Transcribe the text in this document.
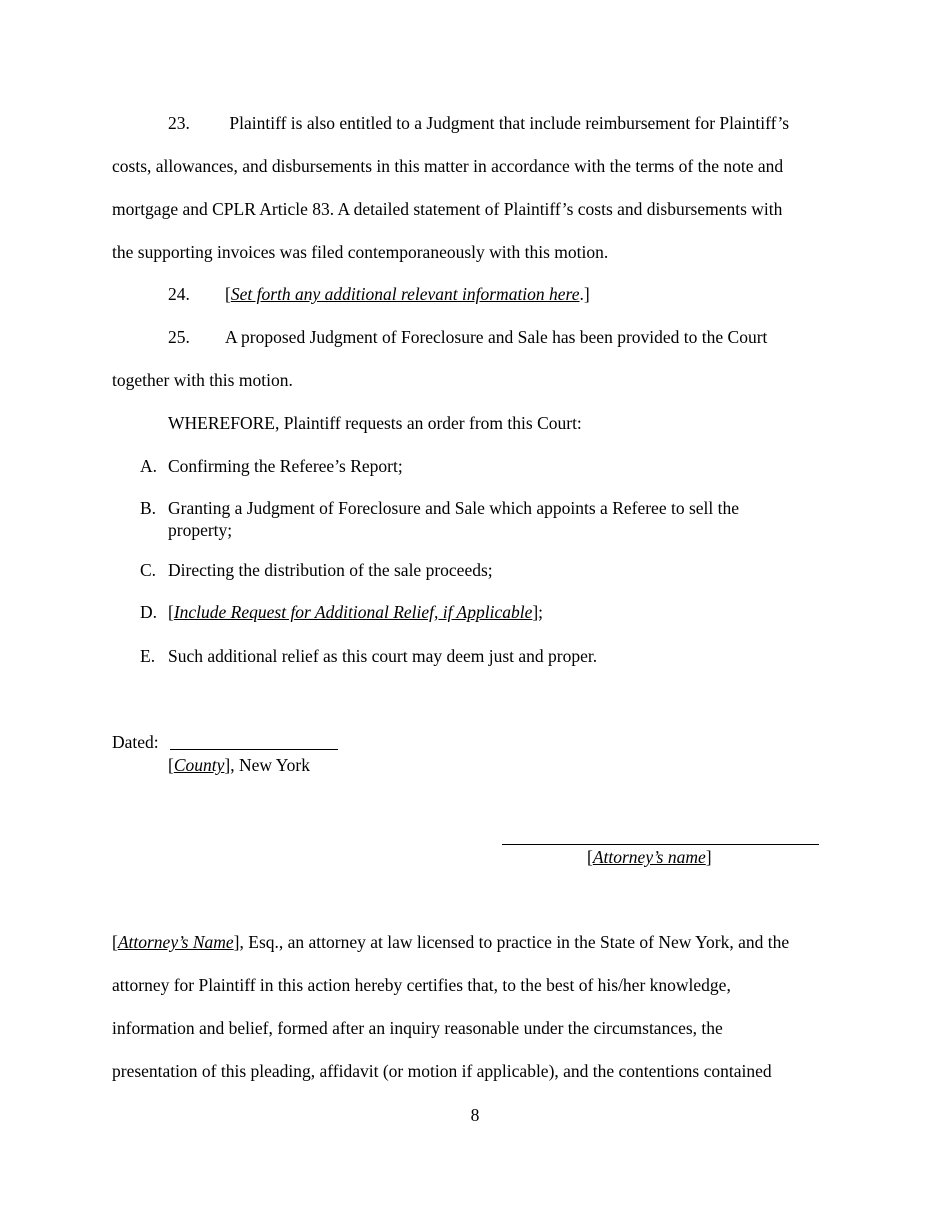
23. Plaintiff is also entitled to a Judgment that include reimbursement for Plaintiff’s
costs, allowances, and disbursements in this matter in accordance with the terms of the note and
mortgage and CPLR Article 83. A detailed statement of Plaintiff’s costs and disbursements with
the supporting invoices was filed contemporaneously with this motion.
24. [Set forth any additional relevant information here.]
25. A proposed Judgment of Foreclosure and Sale has been provided to the Court
together with this motion.
WHEREFORE, Plaintiff requests an order from this Court:
A. Confirming the Referee’s Report;
B. Granting a Judgment of Foreclosure and Sale which appoints a Referee to sell the property;
C. Directing the distribution of the sale proceeds;
D. [Include Request for Additional Relief, if Applicable];
E. Such additional relief as this court may deem just and proper.
Dated:
[County], New York
[Attorney’s name]
[Attorney’s Name], Esq., an attorney at law licensed to practice in the State of New York, and the
attorney for Plaintiff in this action hereby certifies that, to the best of his/her knowledge,
information and belief, formed after an inquiry reasonable under the circumstances, the
presentation of this pleading, affidavit (or motion if applicable), and the contentions contained
8
